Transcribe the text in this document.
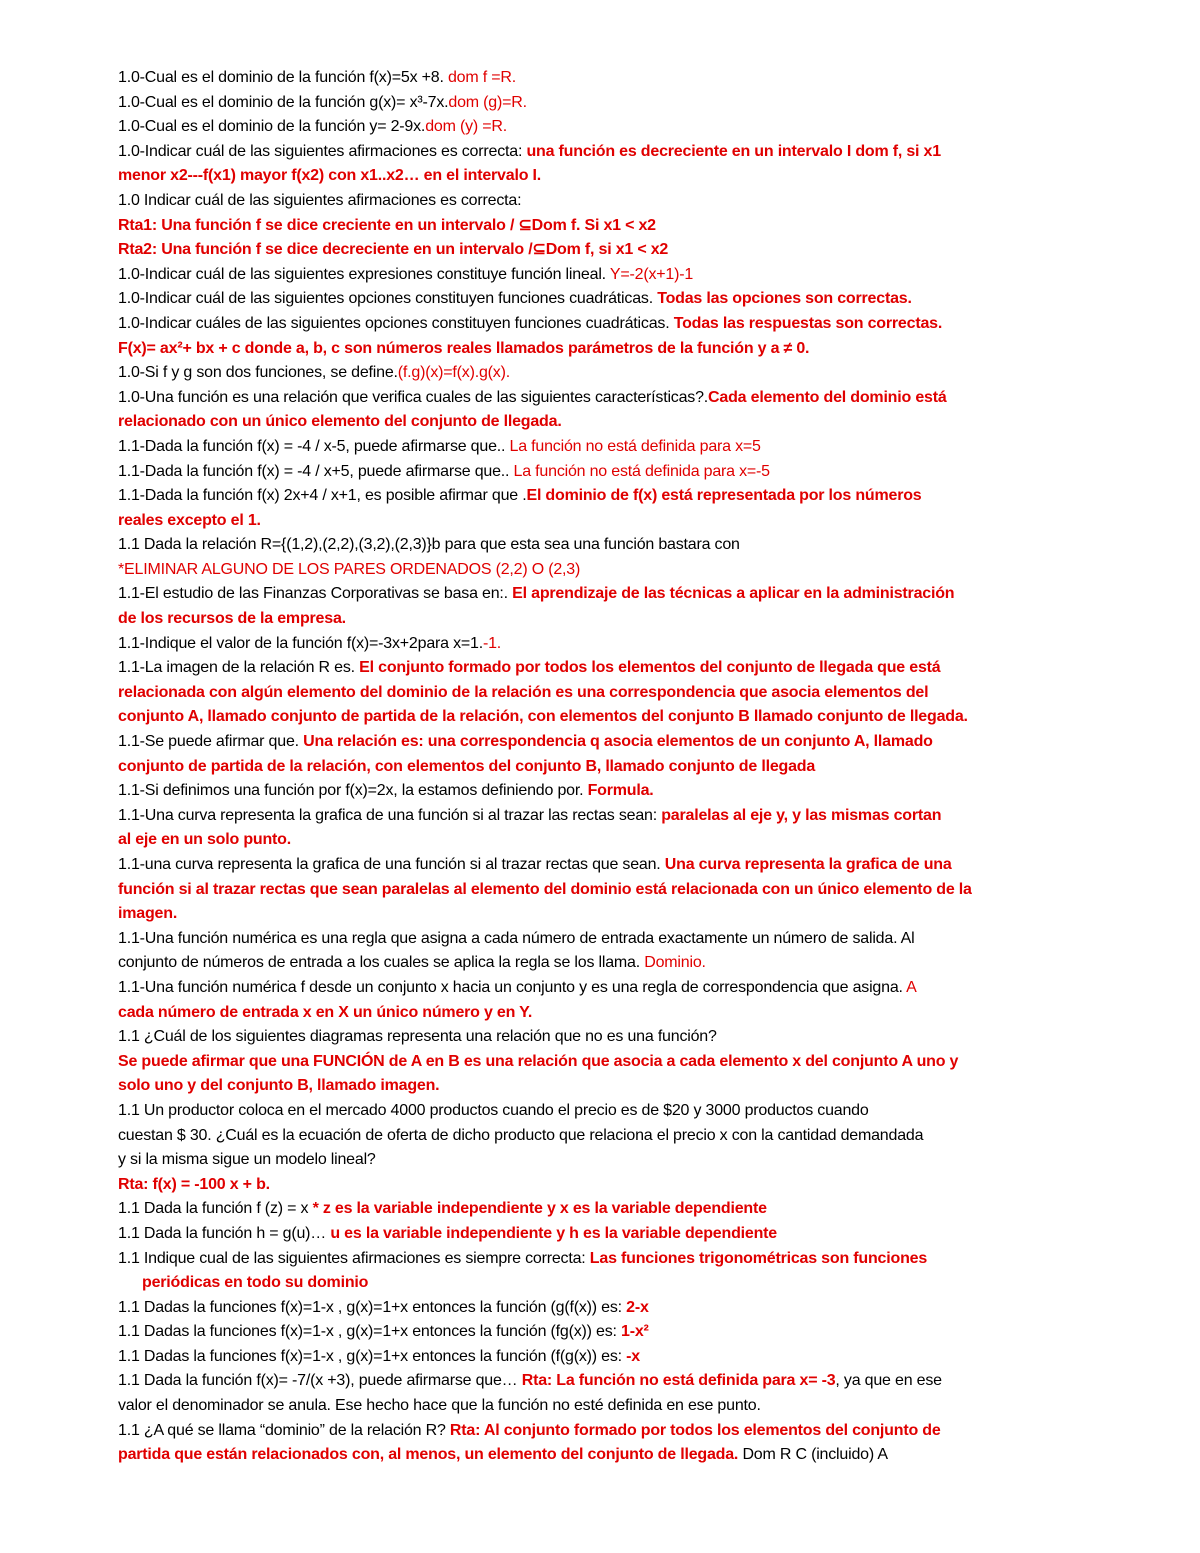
1.0-Cual es el dominio de la función f(x)=5x +8. dom f =R.

1.0-Cual es el dominio de la función g(x)= x³-7x.dom (g)=R.

1.0-Cual es el dominio de la función y= 2-9x.dom (y) =R.

1.0-Indicar cuál de las siguientes afirmaciones es correcta: una función es decreciente en un intervalo I dom f, si x1

menor x2---f(x1) mayor f(x2) con x1..x2… en el intervalo I.

1.0 Indicar cuál de las siguientes afirmaciones es correcta:

Rta1: Una función f se dice creciente en un intervalo / ⊆Dom f. Si x1 < x2

Rta2: Una función f se dice decreciente en un intervalo /⊆Dom f, si x1 < x2

1.0-Indicar cuál de las siguientes expresiones constituye función lineal. Y=-2(x+1)-1

1.0-Indicar cuál de las siguientes opciones constituyen funciones cuadráticas. Todas las opciones son correctas.

1.0-Indicar cuáles de las siguientes opciones constituyen funciones cuadráticas. Todas las respuestas son correctas.

F(x)= ax²+ bx + c donde a, b, c son números reales llamados parámetros de la función y a ≠ 0.

1.0-Si f y g son dos funciones, se define.(f.g)(x)=f(x).g(x).

1.0-Una función es una relación que verifica cuales de las siguientes características?.Cada elemento del dominio está

relacionado con un único elemento del conjunto de llegada.

1.1-Dada la función f(x) = -4 / x-5, puede afirmarse que.. La función no está definida para x=5

1.1-Dada la función f(x) = -4 / x+5, puede afirmarse que.. La función no está definida para x=-5

1.1-Dada la función f(x) 2x+4 / x+1, es posible afirmar que .El dominio de f(x) está representada por los números

reales excepto el 1.

1.1 Dada la relación R={(1,2),(2,2),(3,2),(2,3)}b para que esta sea una función bastara con

*ELIMINAR ALGUNO DE LOS PARES ORDENADOS (2,2) O (2,3)

1.1-El estudio de las Finanzas Corporativas se basa en:. El aprendizaje de las técnicas a aplicar en la administración

de los recursos de la empresa.

1.1-Indique el valor de la función f(x)=-3x+2para x=1.-1.

1.1-La imagen de la relación R es. El conjunto formado por todos los elementos del conjunto de llegada que está

relacionada con algún elemento del dominio de la relación es una correspondencia que asocia elementos del

conjunto A, llamado conjunto de partida de la relación, con elementos del conjunto B llamado conjunto de llegada.

1.1-Se puede afirmar que. Una relación es: una correspondencia q asocia elementos de un conjunto A, llamado

conjunto de partida de la relación, con elementos del conjunto B, llamado conjunto de llegada

1.1-Si definimos una función por f(x)=2x, la estamos definiendo por. Formula.

1.1-Una curva representa la grafica de una función si al trazar las rectas sean: paralelas al eje y, y las mismas cortan

al eje en un solo punto.

1.1-una curva representa la grafica de una función si al trazar rectas que sean. Una curva representa la grafica de una

función si al trazar rectas que sean paralelas al elemento del dominio está relacionada con un único elemento de la

imagen.

1.1-Una función numérica es una regla que asigna a cada número de entrada exactamente un número de salida. Al

conjunto de números de entrada a los cuales se aplica la regla se los llama. Dominio.

1.1-Una función numérica f desde un conjunto x hacia un conjunto y es una regla de correspondencia que asigna. A

cada número de entrada x en X un único número y en Y.

1.1 ¿Cuál de los siguientes diagramas representa una relación que no es una función?

Se puede afirmar que una FUNCIÓN de A en B es una relación que asocia a cada elemento x del conjunto A uno y

solo uno y del conjunto B, llamado imagen.

1.1 Un productor coloca en el mercado 4000 productos cuando el precio es de $20 y 3000 productos cuando

cuestan $ 30. ¿Cuál es la ecuación de oferta de dicho producto que relaciona el precio x con la cantidad demandada

y si la misma sigue un modelo lineal?

Rta: f(x) = -100 x + b.

1.1 Dada la función f (z) = x * z es la variable independiente y x es la variable dependiente

1.1 Dada la función h = g(u)… u es la variable independiente y h es la variable dependiente

1.1 Indique cual de las siguientes afirmaciones es siempre correcta: Las funciones trigonométricas son funciones

periódicas en todo su dominio

1.1 Dadas la funciones f(x)=1-x , g(x)=1+x entonces la función (g(f(x)) es: 2-x

1.1 Dadas la funciones f(x)=1-x , g(x)=1+x entonces la función (fg(x)) es: 1-x²

1.1 Dadas la funciones f(x)=1-x , g(x)=1+x entonces la función (f(g(x)) es: -x

1.1 Dada la función f(x)= -7/(x +3), puede afirmarse que… Rta: La función no está definida para x= -3, ya que en ese

valor el denominador se anula. Ese hecho hace que la función no esté definida en ese punto.

1.1 ¿A qué se llama “dominio” de la relación R? Rta: Al conjunto formado por todos los elementos del conjunto de

partida que están relacionados con, al menos, un elemento del conjunto de llegada. Dom R C (incluido) A
